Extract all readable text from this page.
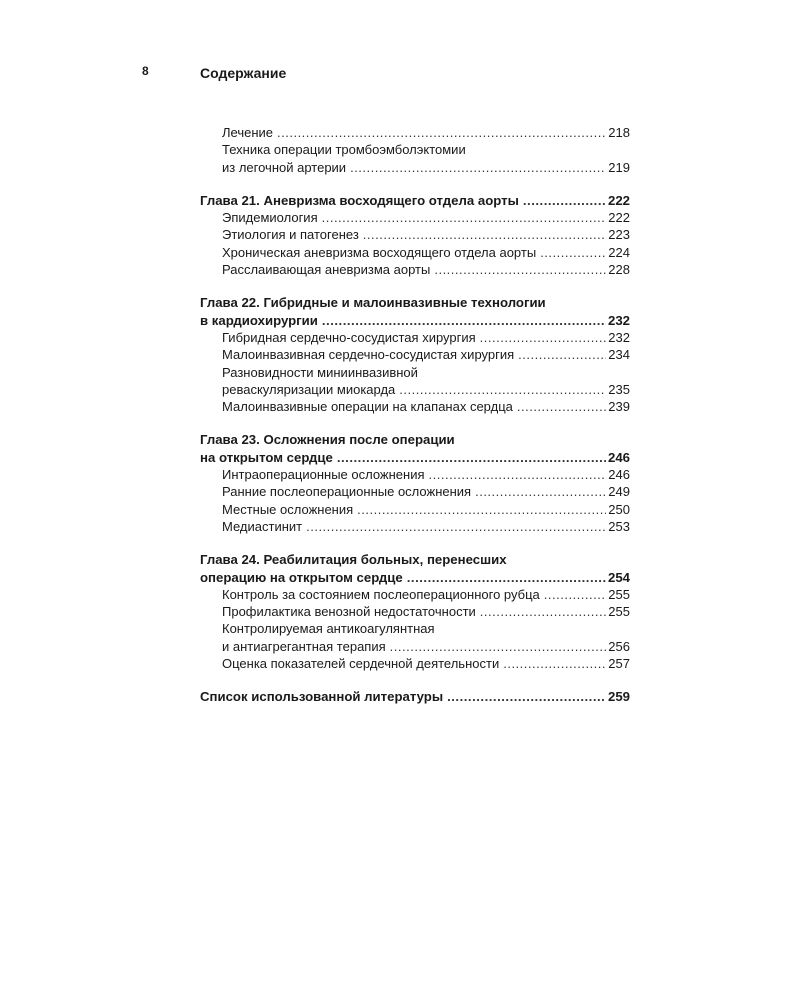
8	Содержание
Лечение .....	218
Техника операции тромбоэмболэктомии
из легочной артерии .....	219
Глава 21. Аневризма восходящего отдела аорты .....	222
Эпидемиология .....	222
Этиология и патогенез .....	223
Хроническая аневризма восходящего отдела аорты .....	224
Расслаивающая аневризма аорты .....	228
Глава 22. Гибридные и малоинвазивные технологии
в кардиохирургии .....	232
Гибридная сердечно-сосудистая хирургия .....	232
Малоинвазивная сердечно-сосудистая хирургия .....	234
Разновидности миниинвазивной
реваскуляризации миокарда .....	235
Малоинвазивные операции на клапанах сердца .....	239
Глава 23. Осложнения после операции
на открытом сердце .....	246
Интраоперационные осложнения .....	246
Ранние послеоперационные осложнения .....	249
Местные осложнения .....	250
Медиастинит .....	253
Глава 24. Реабилитация больных, перенесших
операцию на открытом сердце .....	254
Контроль за состоянием послеоперационного рубца .....	255
Профилактика венозной недостаточности .....	255
Контролируемая антикоагулянтная
и антиагрегантная терапия .....	256
Оценка показателей сердечной деятельности .....	257
Список использованной литературы .....	259
